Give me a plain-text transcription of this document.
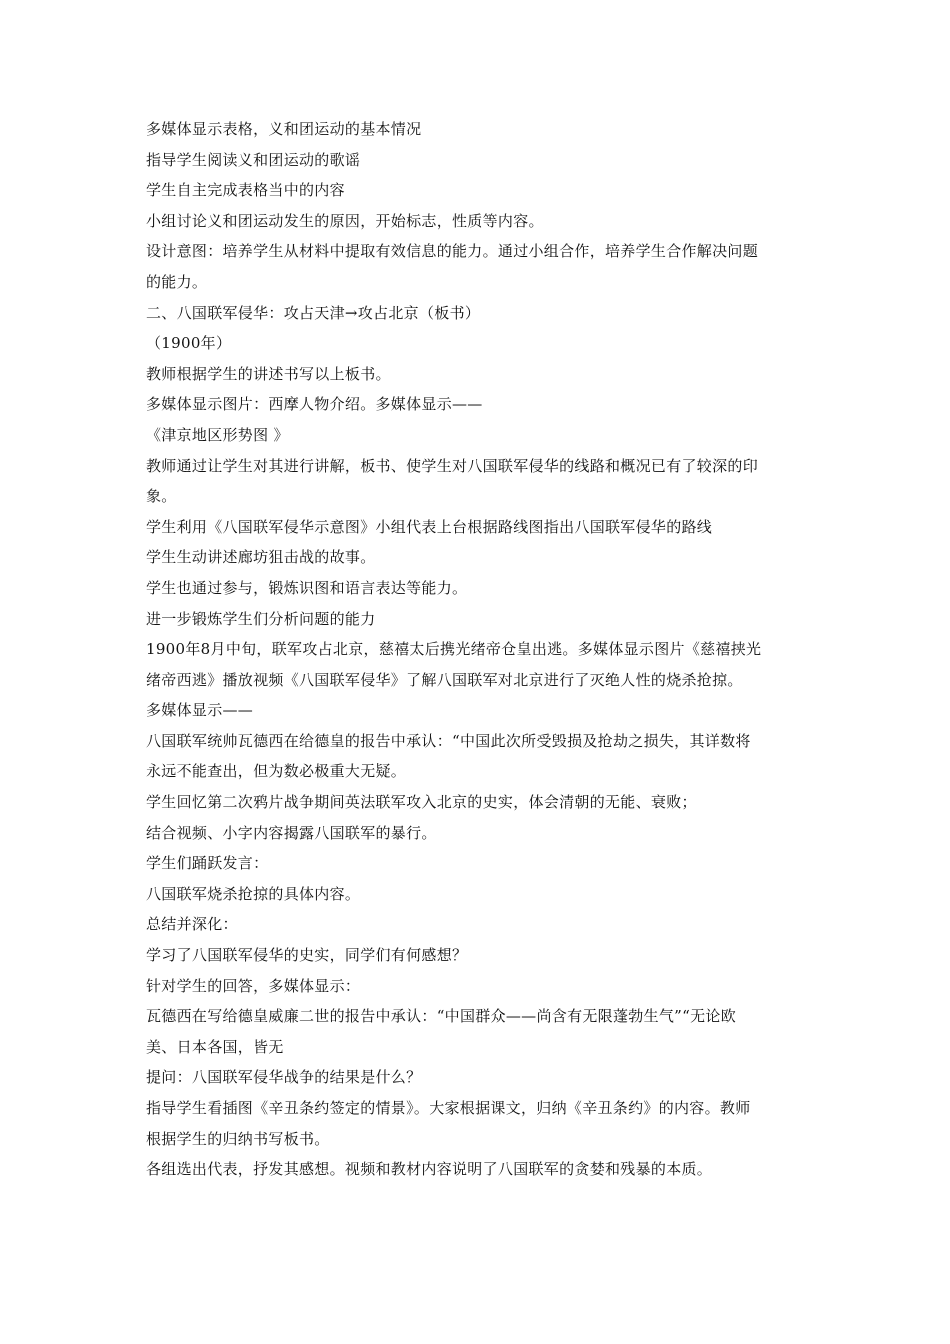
多媒体显示表格，义和团运动的基本情况
指导学生阅读义和团运动的歌谣
学生自主完成表格当中的内容
小组讨论义和团运动发生的原因，开始标志，性质等内容。
设计意图：培养学生从材料中提取有效信息的能力。通过小组合作，培养学生合作解决问题
的能力。
二、八国联军侵华：攻占天津→攻占北京（板书）
（1900年）
教师根据学生的讲述书写以上板书。
多媒体显示图片：西摩人物介绍。多媒体显示——
《津京地区形势图 》
教师通过让学生对其进行讲解，板书、使学生对八国联军侵华的线路和概况已有了较深的印
象。
学生利用《八国联军侵华示意图》小组代表上台根据路线图指出八国联军侵华的路线
学生生动讲述廊坊狙击战的故事。
学生也通过参与，锻炼识图和语言表达等能力。
进一步锻炼学生们分析问题的能力
1900年8月中旬，联军攻占北京，慈禧太后携光绪帝仓皇出逃。多媒体显示图片《慈禧挟光
绪帝西逃》播放视频《八国联军侵华》了解八国联军对北京进行了灭绝人性的烧杀抢掠。
多媒体显示——
八国联军统帅瓦德西在给德皇的报告中承认：“中国此次所受毁损及抢劫之损失，其详数将
永远不能查出，但为数必极重大无疑。
学生回忆第二次鸦片战争期间英法联军攻入北京的史实，体会清朝的无能、衰败；
结合视频、小字内容揭露八国联军的暴行。
学生们踊跃发言：
八国联军烧杀抢掠的具体内容。
总结并深化：
学习了八国联军侵华的史实，同学们有何感想？
针对学生的回答，多媒体显示：
瓦德西在写给德皇威廉二世的报告中承认：“中国群众——尚含有无限蓬勃生气”“无论欧
美、日本各国，皆无
提问：八国联军侵华战争的结果是什么？
指导学生看插图《辛丑条约签定的情景》。大家根据课文，归纳《辛丑条约》的内容。教师
根据学生的归纳书写板书。
各组选出代表，抒发其感想。视频和教材内容说明了八国联军的贪婪和残暴的本质。
